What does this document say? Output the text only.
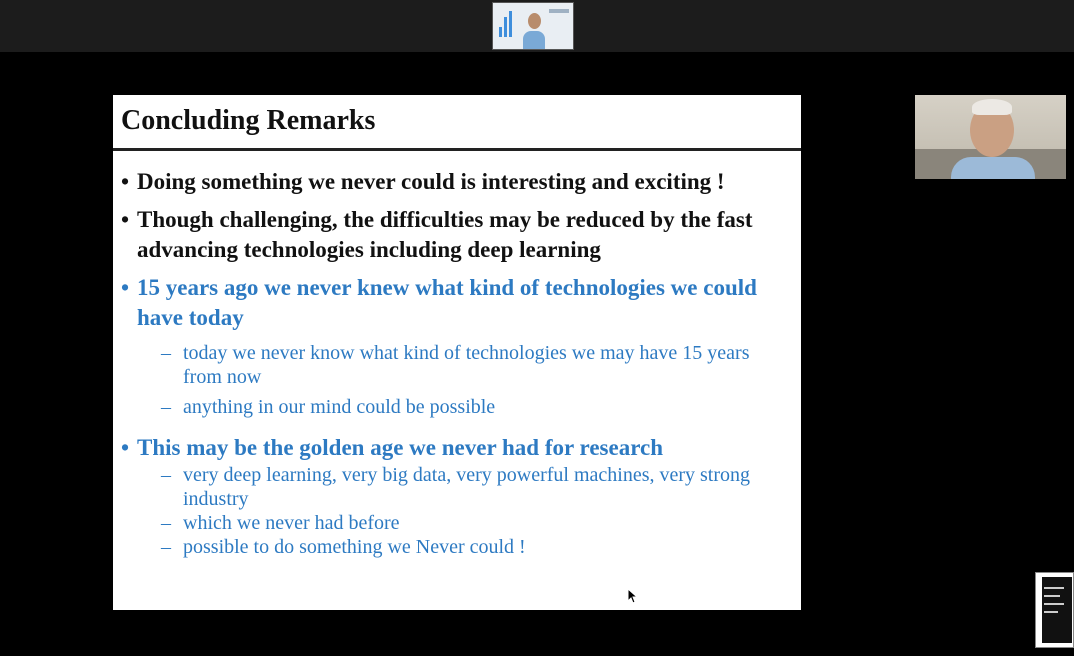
Concluding Remarks
• Doing something we never could is interesting and exciting !
• Though challenging, the difficulties may be reduced by the fast advancing technologies including deep learning
• 15 years ago we never knew what kind of technologies we could have today
– today we never know what kind of technologies we may have 15 years from now
– anything in our mind could be possible
• This may be the golden age we never had for research
– very deep learning, very big data, very powerful machines, very strong industry
– which we never had before
– possible to do something we Never could !
